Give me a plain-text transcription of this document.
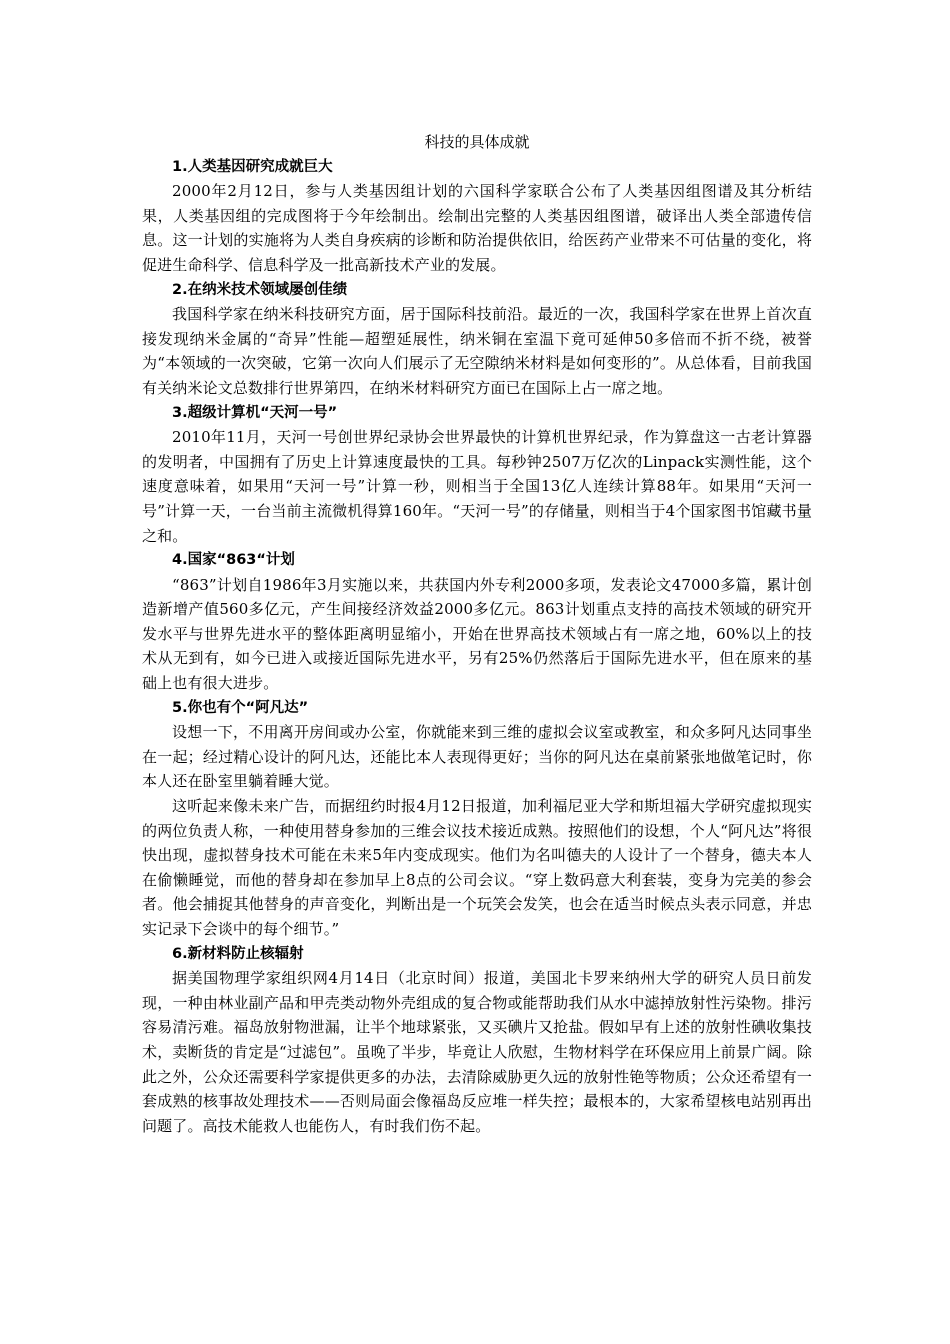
科技的具体成就
1.人类基因研究成就巨大

2000年2月12日，参与人类基因组计划的六国科学家联合公布了人类基因组图谱及其分析结果，人类基因组的完成图将于今年绘制出。绘制出完整的人类基因组图谱，破译出人类全部遗传信息。这一计划的实施将为人类自身疾病的诊断和防治提供依旧，给医药产业带来不可估量的变化，将促进生命科学、信息科学及一批高新技术产业的发展。

2.在纳米技术领域屡创佳绩

我国科学家在纳米科技研究方面，居于国际科技前沿。最近的一次，我国科学家在世界上首次直接发现纳米金属的“奇异”性能—超塑延展性，纳米铜在室温下竟可延伸50多倍而不折不绕，被誉为“本领域的一次突破，它第一次向人们展示了无空隙纳米材料是如何变形的”。从总体看，目前我国有关纳米论文总数排行世界第四，在纳米材料研究方面已在国际上占一席之地。

3.超级计算机“天河一号”

2010年11月，天河一号创世界纪录协会世界最快的计算机世界纪录，作为算盘这一古老计算器的发明者，中国拥有了历史上计算速度最快的工具。每秒钟2507万亿次的Linpack实测性能，这个速度意味着，如果用“天河一号”计算一秒，则相当于全国13亿人连续计算88年。如果用“天河一号”计算一天，一台当前主流微机得算160年。“天河一号”的存储量，则相当于4个国家图书馆藏书量之和。

4.国家“863“计划

“863”计划自1986年3月实施以来，共获国内外专利2000多项，发表论文47000多篇，累计创造新增产值560多亿元，产生间接经济效益2000多亿元。863计划重点支持的高技术领域的研究开发水平与世界先进水平的整体距离明显缩小，开始在世界高技术领域占有一席之地，60%以上的技术从无到有，如今已进入或接近国际先进水平，另有25%仍然落后于国际先进水平，但在原来的基础上也有很大进步。

5.你也有个“阿凡达”

设想一下，不用离开房间或办公室，你就能来到三维的虚拟会议室或教室，和众多阿凡达同事坐在一起；经过精心设计的阿凡达，还能比本人表现得更好；当你的阿凡达在桌前紧张地做笔记时，你本人还在卧室里躺着睡大觉。

这听起来像未来广告，而据纽约时报4月12日报道，加利福尼亚大学和斯坦福大学研究虚拟现实的两位负责人称，一种使用替身参加的三维会议技术接近成熟。按照他们的设想，个人“阿凡达”将很快出现，虚拟替身技术可能在未来5年内变成现实。他们为名叫德夫的人设计了一个替身，德夫本人在偷懒睡觉，而他的替身却在参加早上8点的公司会议。“穿上数码意大利套装，变身为完美的参会者。他会捕捉其他替身的声音变化，判断出是一个玩笑会发笑，也会在适当时候点头表示同意，并忠实记录下会谈中的每个细节。”

6.新材料防止核辐射

据美国物理学家组织网4月14日（北京时间）报道，美国北卡罗来纳州大学的研究人员日前发现，一种由林业副产品和甲壳类动物外壳组成的复合物或能帮助我们从水中滤掉放射性污染物。排污容易清污难。福岛放射物泄漏，让半个地球紧张，又买碘片又抢盐。假如早有上述的放射性碘收集技术，卖断货的肯定是“过滤包”。虽晚了半步，毕竟让人欣慰，生物材料学在环保应用上前景广阔。除此之外，公众还需要科学家提供更多的办法，去清除威胁更久远的放射性铯等物质；公众还希望有一套成熟的核事故处理技术——否则局面会像福岛反应堆一样失控；最根本的，大家希望核电站别再出问题了。高技术能救人也能伤人，有时我们伤不起。
